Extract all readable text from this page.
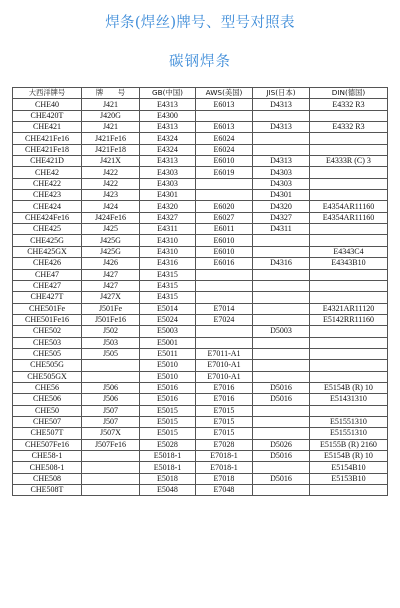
焊条(焊丝)牌号、型号对照表
碳钢焊条
大西洋牌号	牌　　号	GB(中国)	AWS(美国)	JIS(日本)	DIN(德国)
CHE40	J421	E4313	E6013	D4313	E4332 R3
CHE420T	J420G	E4300			
CHE421	J421	E4313	E6013	D4313	E4332 R3
CHE421Fe16	J421Fe16	E4324	E6024		
CHE421Fe18	J421Fe18	E4324	E6024		
CHE421D	J421X	E4313	E6010	D4313	E4333R (C) 3
CHE42	J422	E4303	E6019	D4303	
CHE422	J422	E4303		D4303	
CHE423	J423	E4301		D4301	
CHE424	J424	E4320	E6020	D4320	E4354AR11160
CHE424Fe16	J424Fe16	E4327	E6027	D4327	E4354AR11160
CHE425	J425	E4311	E6011	D4311	
CHE425G	J425G	E4310	E6010		
CHE425GX	J425G	E4310	E6010		E4343C4
CHE426	J426	E4316	E6016	D4316	E4343B10
CHE47	J427	E4315			
CHE427	J427	E4315			
CHE427T	J427X	E4315			
CHE501Fe	J501Fe	E5014	E7014		E4321AR11120
CHE501Fe16	J501Fe16	E5024	E7024		E5142RR11160
CHE502	J502	E5003		D5003	
CHE503	J503	E5001			
CHE505	J505	E5011	E7011-A1		
CHE505G		E5010	E7010-A1		
CHE505GX		E5010	E7010-A1		
CHE56	J506	E5016	E7016	D5016	E5154B (R) 10
CHE506	J506	E5016	E7016	D5016	E51431310
CHE50	J507	E5015	E7015		
CHE507	J507	E5015	E7015		E51551310
CHE507T	J507X	E5015	E7015		E51551310
CHE507Fe16	J507Fe16	E5028	E7028	D5026	E5155B (R) 2160
CHE58-1		E5018-1	E7018-1	D5016	E5154B (R) 10
CHE508-1		E5018-1	E7018-1		E5154B10
CHE508		E5018	E7018	D5016	E5153B10
CHE508T		E5048	E7048		
